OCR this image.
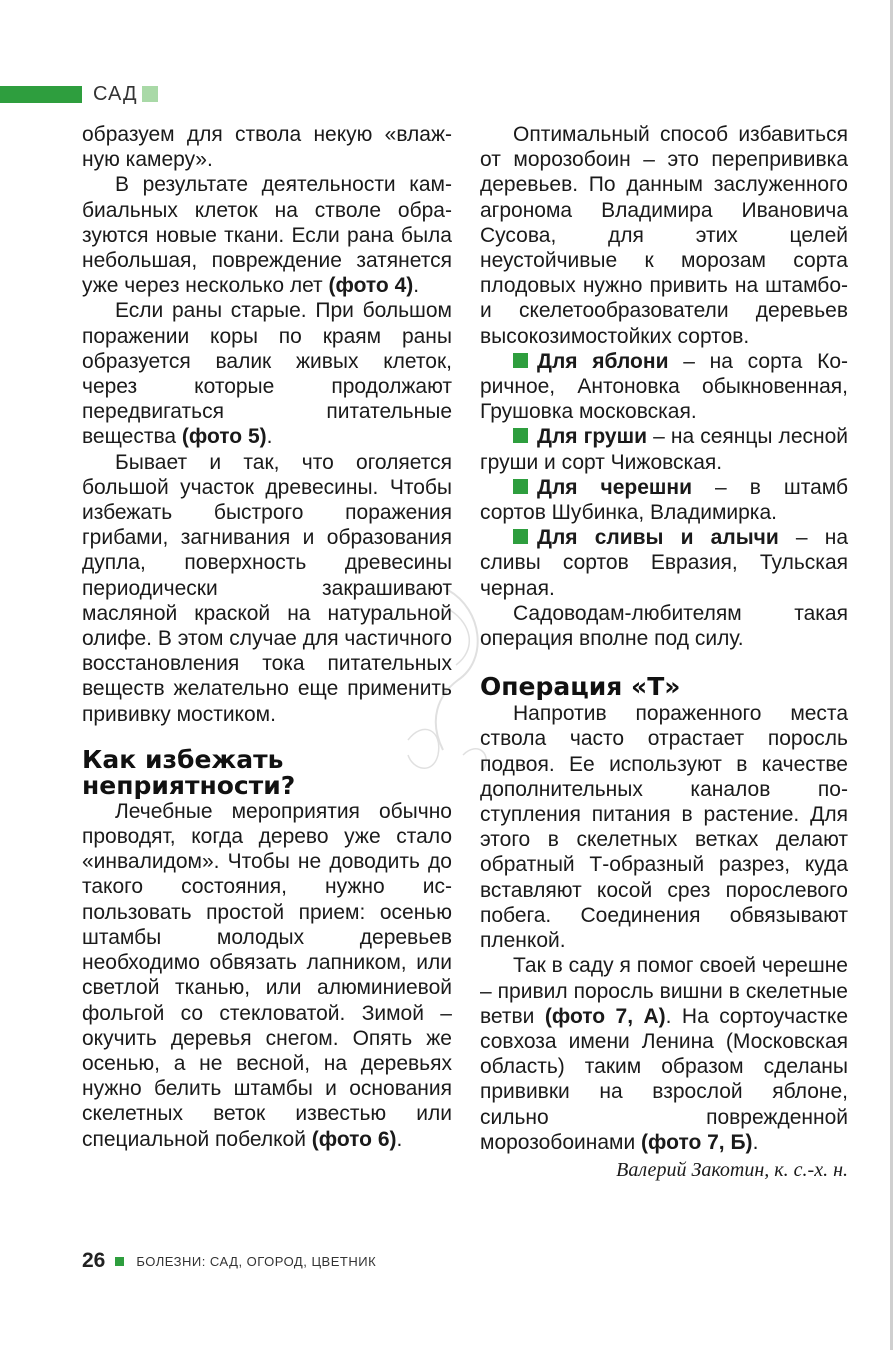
САД

образуем для ствола некую «влажную камеру».

В результате деятельности камбиальных клеток на стволе образуются новые ткани. Если рана была небольшая, повреждение затянется уже через несколько лет (фото 4).

Если раны старые. При большом поражении коры по краям раны образуется валик живых клеток, через которые продолжают передвигаться питательные вещества (фото 5).

Бывает и так, что оголяется большой участок древесины. Чтобы избежать быстрого поражения грибами, загнивания и образования дупла, поверхность древесины периодически закрашивают масляной краской на натуральной олифе. В этом случае для частичного восстановления тока питательных веществ желательно еще применить прививку мостиком.

Как избежать
неприятности?

Лечебные мероприятия обычно проводят, когда дерево уже стало «инвалидом». Чтобы не доводить до такого состояния, нужно использовать простой прием: осенью штамбы молодых деревьев необходимо обвязать лапником, или светлой тканью, или алюминиевой фольгой со стекловатой. Зимой – окучить деревья снегом. Опять же осенью, а не весной, на деревьях нужно белить штамбы и основания скелетных веток известью или специальной побелкой (фото 6).

Оптимальный способ избавиться от морозобоин – это перепрививка деревьев. По данным заслуженного агронома Владимира Ивановича Сусова, для этих целей неустойчивые к морозам сорта плодовых нужно привить на штамбо- и скелетообразователи деревьев высокозимостойких сортов.

Для яблони – на сорта Коричное, Антоновка обыкновенная, Грушовка московская.

Для груши – на сеянцы лесной груши и сорт Чижовская.

Для черешни – в штамб сортов Шубинка, Владимирка.

Для сливы и алычи – на сливы сортов Евразия, Тульская черная.

Садоводам-любителям такая операция вполне под силу.

Операция «Т»

Напротив пораженного места ствола часто отрастает поросль подвоя. Ее используют в качестве дополнительных каналов поступления питания в растение. Для этого в скелетных ветках делают обратный Т-образный разрез, куда вставляют косой срез порослевого побега. Соединения обвязывают пленкой.

Так в саду я помог своей черешне – привил поросль вишни в скелетные ветви (фото 7, А). На сортоучастке совхоза имени Ленина (Московская область) таким образом сделаны прививки на взрослой яблоне, сильно поврежденной морозобоинами (фото 7, Б).

Валерий Закотин, к. с.-х. н.

26 БОЛЕЗНИ: САД, ОГОРОД, ЦВЕТНИК
